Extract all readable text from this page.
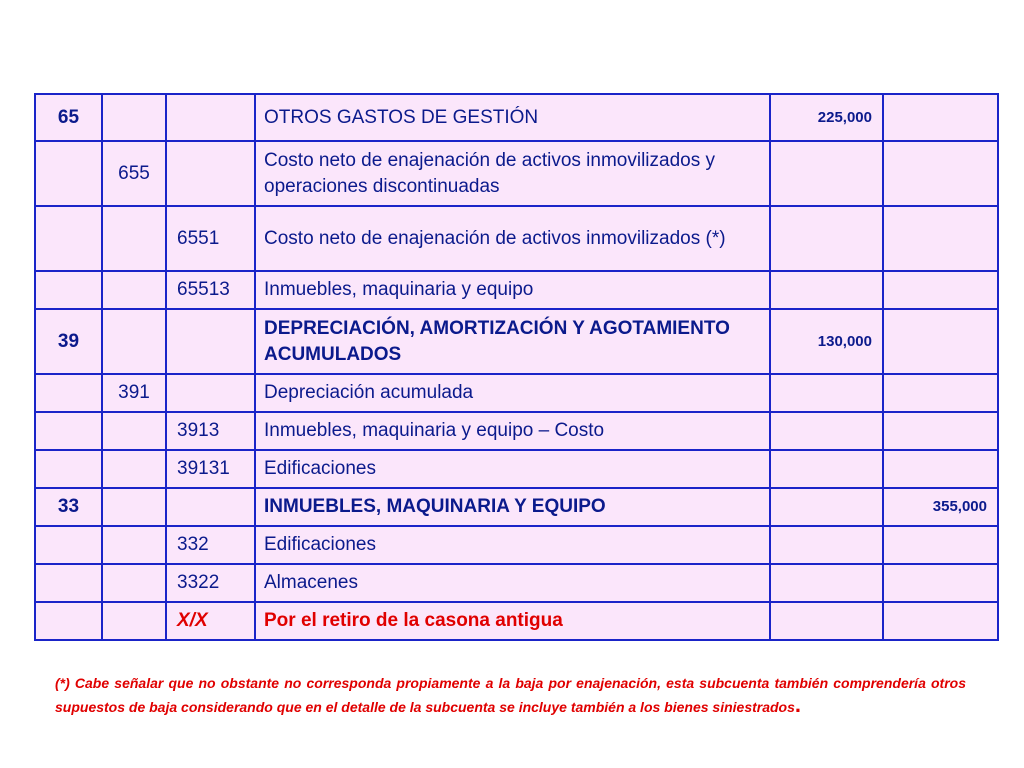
65			OTROS GASTOS DE GESTIÓN	225,000	
	655		Costo neto de enajenación de activos inmovilizados y operaciones discontinuadas		
		6551	Costo neto de enajenación de activos inmovilizados (*)		
		65513	Inmuebles, maquinaria y equipo		
39			DEPRECIACIÓN, AMORTIZACIÓN Y AGOTAMIENTO ACUMULADOS	130,000	
	391		Depreciación acumulada		
		3913	Inmuebles, maquinaria y equipo – Costo		
		39131	Edificaciones		
33			INMUEBLES, MAQUINARIA Y EQUIPO		355,000
		332	Edificaciones		
		3322	Almacenes		
		X/X	Por el retiro de la casona antigua		
(*) Cabe señalar que no obstante no corresponda propiamente a la baja por enajenación, esta subcuenta también comprendería otros supuestos de baja considerando que en el detalle de la subcuenta se incluye también a los bienes siniestrados.
